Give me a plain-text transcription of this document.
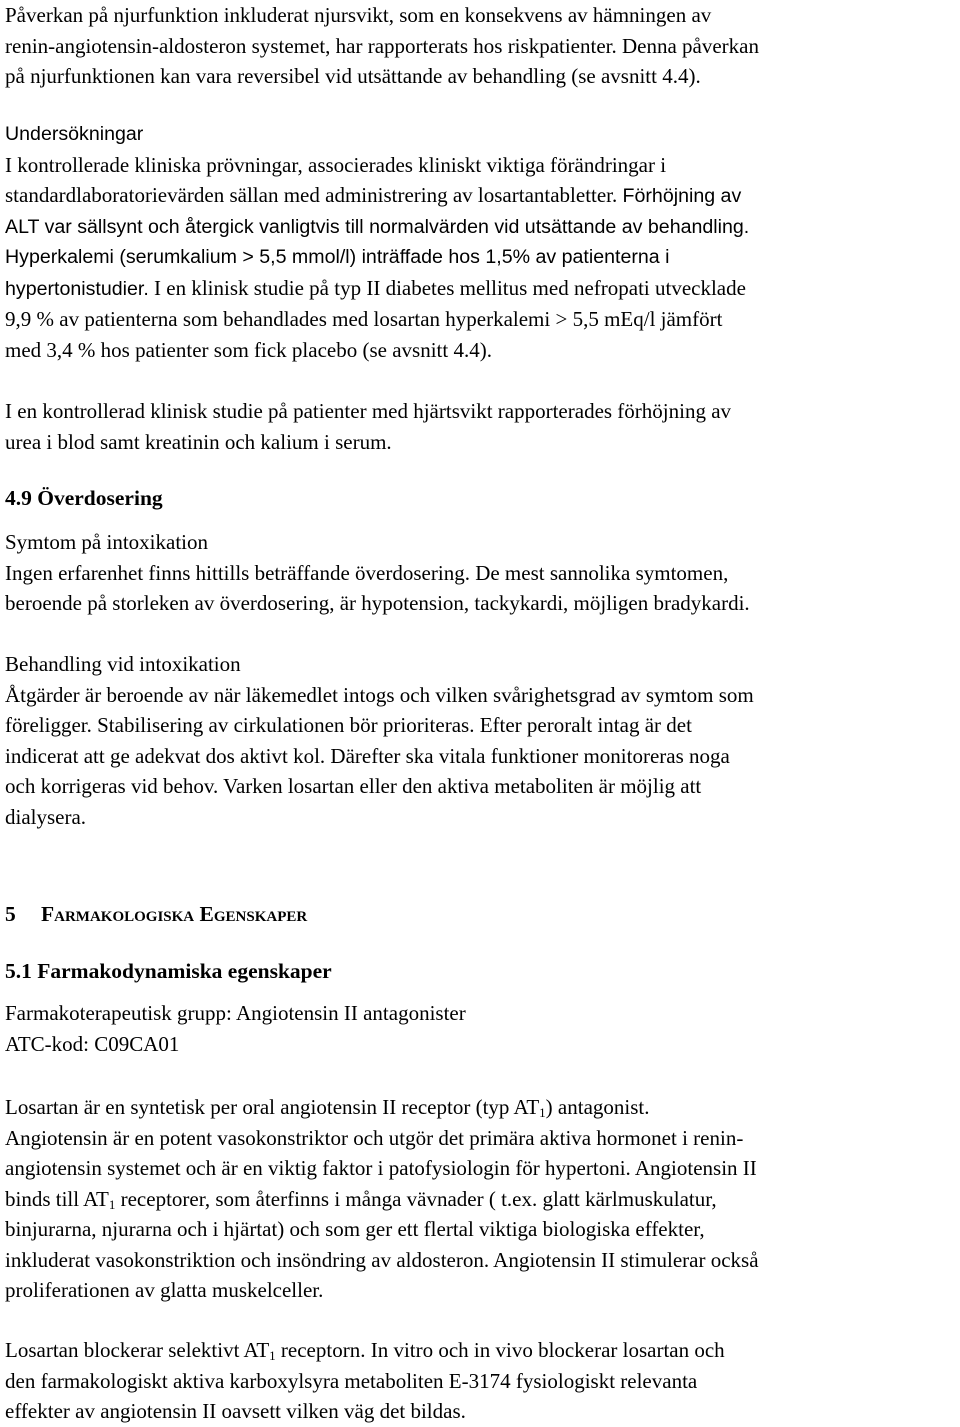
Påverkan på njurfunktion inkluderat njursvikt, som en konsekvens av hämningen av
renin-angiotensin-aldosteron systemet, har rapporterats hos riskpatienter. Denna påverkan
på njurfunktionen kan vara reversibel vid utsättande av behandling (se avsnitt 4.4).
Undersökningar
I kontrollerade kliniska prövningar, associerades kliniskt viktiga förändringar i
standardlaboratorievärden sällan med administrering av losartantabletter. Förhöjning av
ALT var sällsynt och återgick vanligtvis till normalvärden vid utsättande av behandling.
Hyperkalemi (serumkalium > 5,5 mmol/l) inträffade hos 1,5% av patienterna i
hypertonistudier. I en klinisk studie på typ II diabetes mellitus med nefropati utvecklade
9,9 % av patienterna som behandlades med losartan hyperkalemi > 5,5 mEq/l jämfört
med 3,4 % hos patienter som fick placebo (se avsnitt 4.4).
I en kontrollerad klinisk studie på patienter med hjärtsvikt rapporterades förhöjning av
urea i blod samt kreatinin och kalium i serum.
4.9 Överdosering
Symtom på intoxikation
Ingen erfarenhet finns hittills beträffande överdosering. De mest sannolika symtomen,
beroende på storleken av överdosering, är hypotension, tackykardi, möjligen bradykardi.
Behandling vid intoxikation
Åtgärder är beroende av när läkemedlet intogs och vilken svårighetsgrad av symtom som
föreligger. Stabilisering av cirkulationen bör prioriteras. Efter peroralt intag är det
indicerat att ge adekvat dos aktivt kol. Därefter ska vitala funktioner monitoreras noga
och korrigeras vid behov. Varken losartan eller den aktiva metaboliten är möjlig att
dialysera.
5 Farmakologiska Egenskaper
5.1 Farmakodynamiska egenskaper
Farmakoterapeutisk grupp: Angiotensin II antagonister
ATC-kod: C09CA01
Losartan är en syntetisk per oral angiotensin II receptor (typ $AT_1$) antagonist.
Angiotensin är en potent vasokonstriktor och utgör det primära aktiva hormonet i renin-
angiotensin systemet och är en viktig faktor i patofysiologin för hypertoni. Angiotensin II
binds till $AT_1$ receptorer, som återfinns i många vävnader ( t.ex. glatt kärlmuskulatur,
binjurarna, njurarna och i hjärtat) och som ger ett flertal viktiga biologiska effekter,
inkluderat vasokonstriktion och insöndring av aldosteron. Angiotensin II stimulerar också
proliferationen av glatta muskelceller.
Losartan blockerar selektivt $AT_1$ receptorn. In vitro och in vivo blockerar losartan och
den farmakologiskt aktiva karboxylsyra metaboliten E-3174 fysiologiskt relevanta
effekter av angiotensin II oavsett vilken väg det bildas.
